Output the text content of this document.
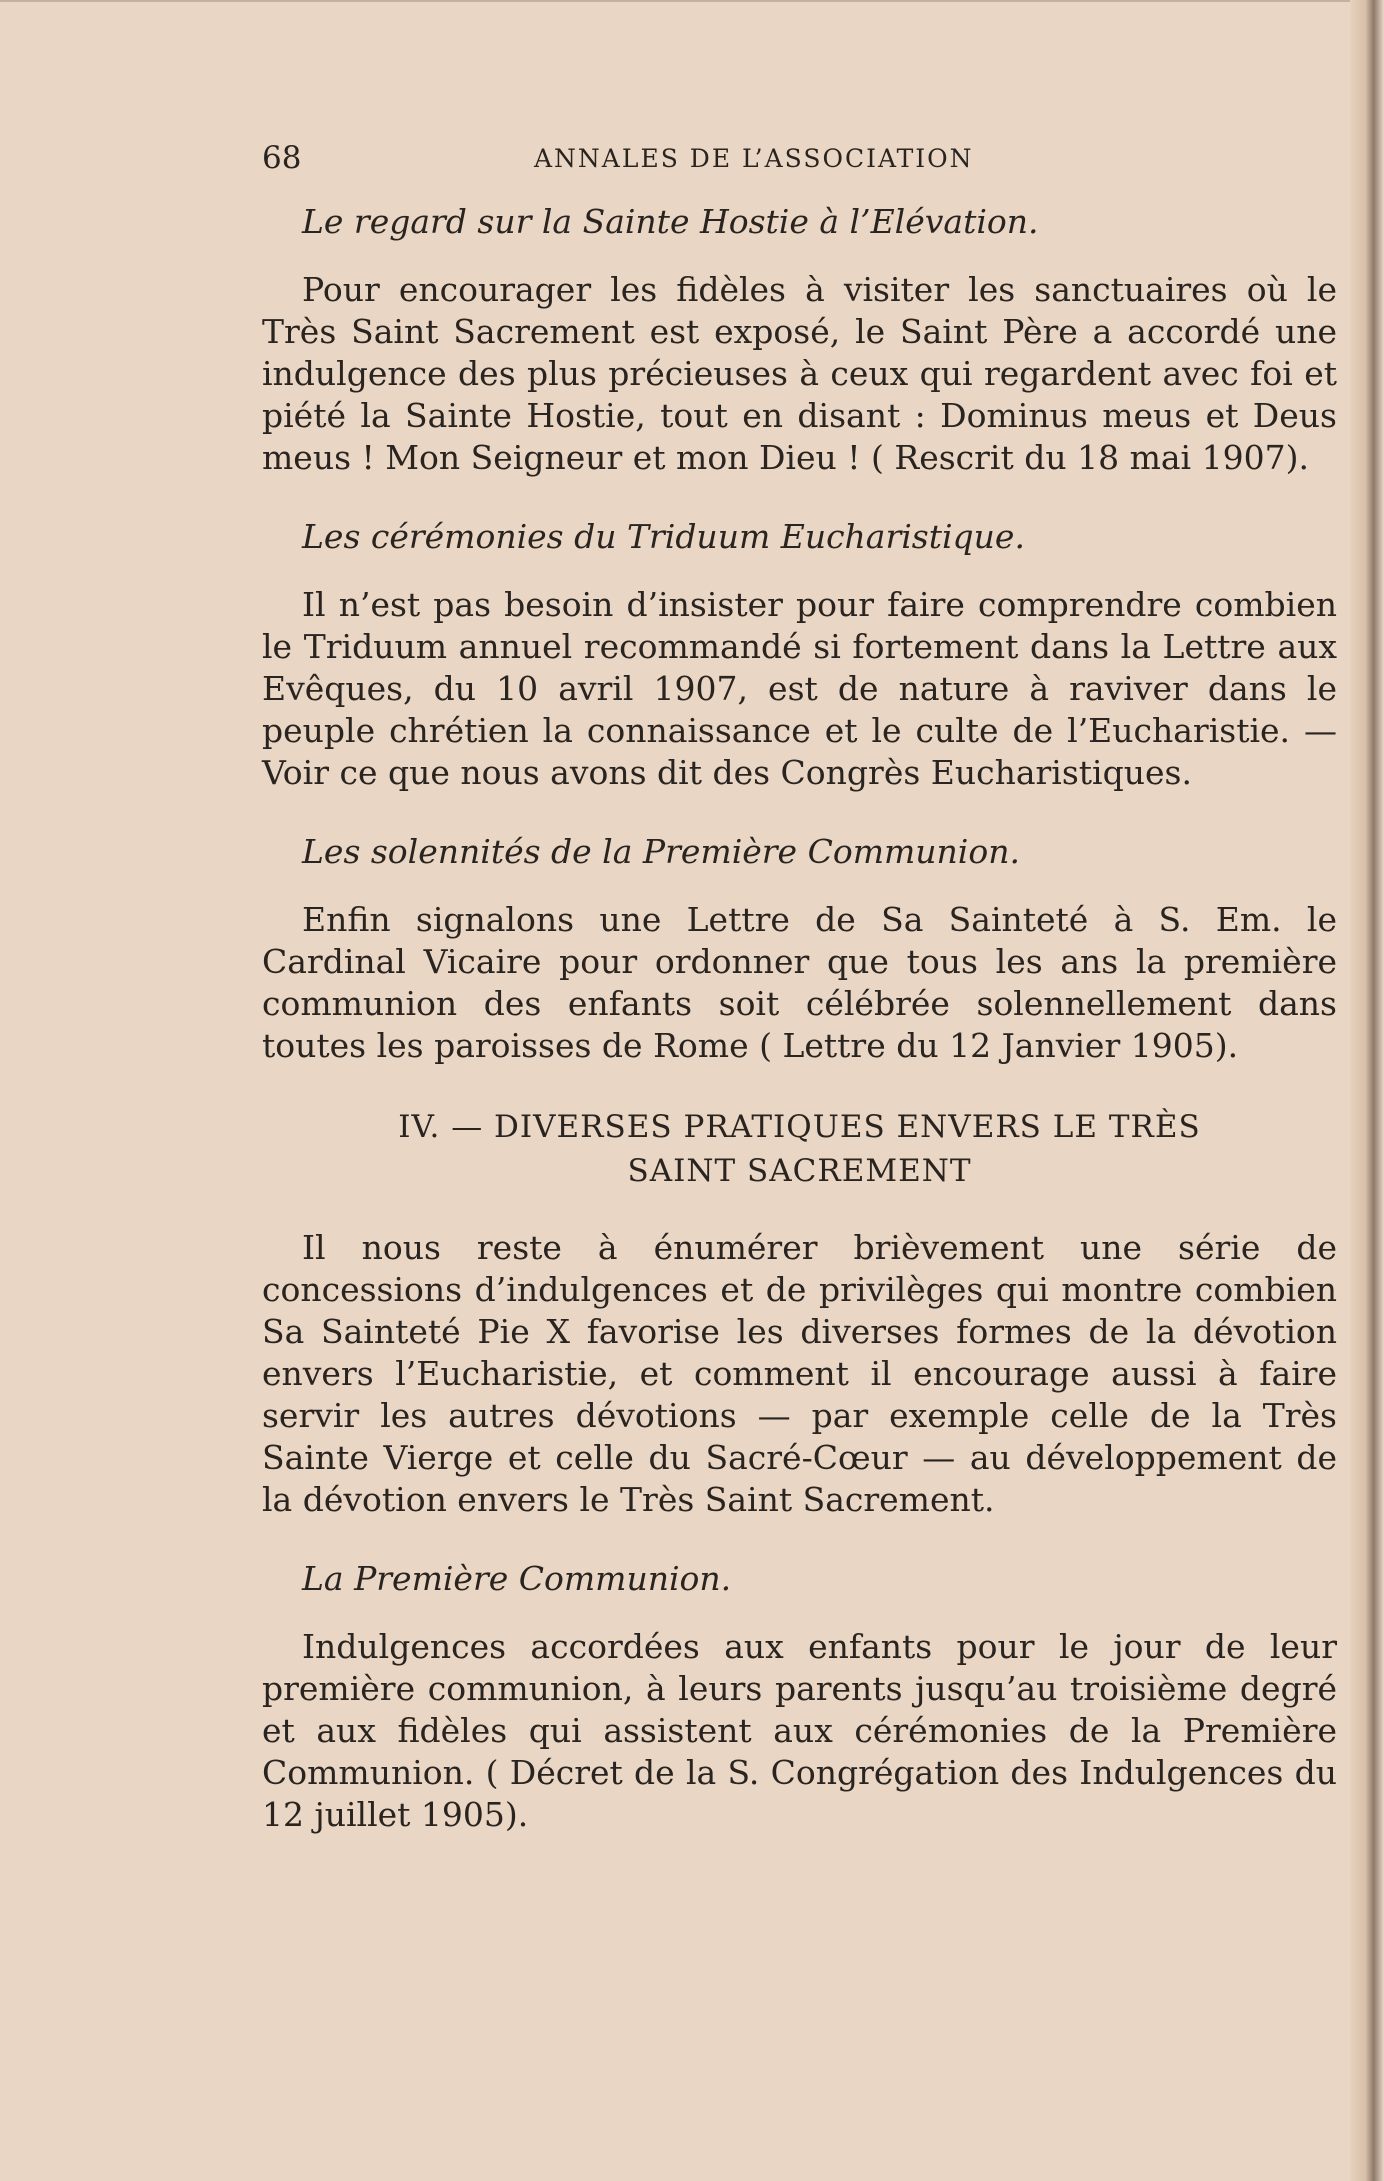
68	ANNALES DE L’ASSOCIATION
Le regard sur la Sainte Hostie à l’Elévation.

Pour encourager les fidèles à visiter les sanctuaires où le Très Saint Sacrement est exposé, le Saint Père a accordé une indulgence des plus précieuses à ceux qui regardent avec foi et piété la Sainte Hostie, tout en disant : Dominus meus et Deus meus ! Mon Seigneur et mon Dieu ! ( Rescrit du 18 mai 1907).

Les cérémonies du Triduum Eucharistique.

Il n’est pas besoin d’insister pour faire comprendre combien le Triduum annuel recommandé si fortement dans la Lettre aux Evêques, du 10 avril 1907, est de nature à raviver dans le peuple chrétien la connaissance et le culte de l’Eucharistie. — Voir ce que nous avons dit des Congrès Eucharistiques.

Les solennités de la Première Communion.

Enfin signalons une Lettre de Sa Sainteté à S. Em. le Cardinal Vicaire pour ordonner que tous les ans la première communion des enfants soit célébrée solennellement dans toutes les paroisses de Rome ( Lettre du 12 Janvier 1905).

IV. — DIVERSES PRATIQUES ENVERS LE TRÈS
SAINT SACREMENT

Il nous reste à énumérer brièvement une série de concessions d’indulgences et de privilèges qui montre combien Sa Sainteté Pie X favorise les diverses formes de la dévotion envers l’Eucharistie, et comment il encourage aussi à faire servir les autres dévotions — par exemple celle de la Très Sainte Vierge et celle du Sacré-Cœur — au développement de la dévotion envers le Très Saint Sacrement.

La Première Communion.

Indulgences accordées aux enfants pour le jour de leur première communion, à leurs parents jusqu’au troisième degré et aux fidèles qui assistent aux cérémonies de la Première Communion. ( Décret de la S. Congrégation des Indulgences du 12 juillet 1905).
